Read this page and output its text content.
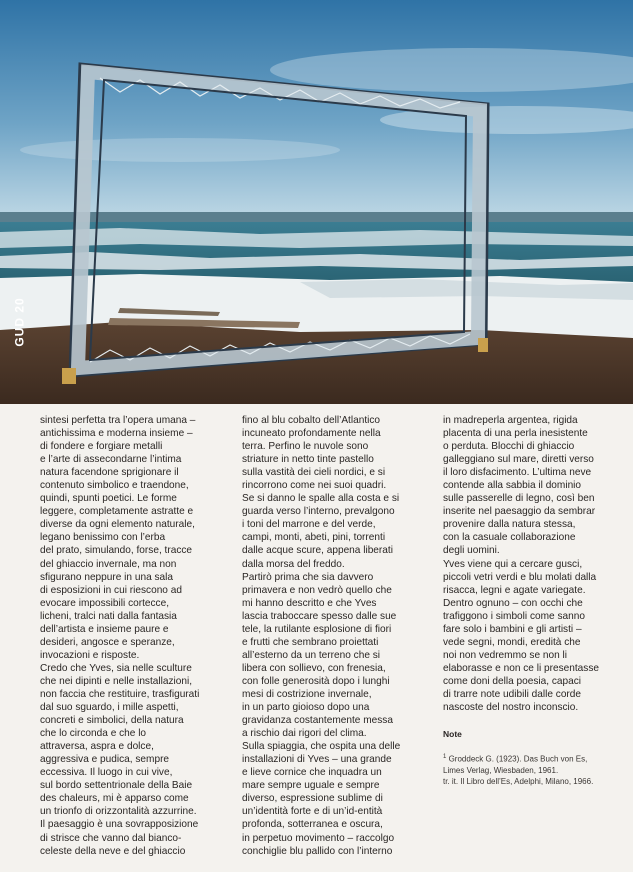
GUD 20

sintesi perfetta tra l’opera umana –

antichissima e moderna insieme –

di fondere e forgiare metalli

e l’arte di assecondarne l’intima

natura facendone sprigionare il

contenuto simbolico e traendone,

quindi, spunti poetici. Le forme

leggere, completamente astratte e

diverse da ogni elemento naturale,

legano benissimo con l’erba

del prato, simulando, forse, tracce

del ghiaccio invernale, ma non

sfigurano neppure in una sala

di esposizioni in cui riescono ad

evocare impossibili cortecce,

licheni, tralci nati dalla fantasia

dell’artista e insieme paure e

desideri, angosce e speranze,

invocazioni e risposte.

Credo che Yves, sia nelle sculture

che nei dipinti e nelle installazioni,

non faccia che restituire, trasfigurati

dal suo sguardo, i mille aspetti,

concreti e simbolici, della natura

che lo circonda e che lo

attraversa, aspra e dolce,

aggressiva e pudica, sempre

eccessiva. Il luogo in cui vive,

sul bordo settentrionale della Baie

des chaleurs, mi è apparso come

un trionfo di orizzontalità azzurrine.

Il paesaggio è una sovrapposizione

di strisce che vanno dal bianco-

celeste della neve e del ghiaccio

fino al blu cobalto dell’Atlantico

incuneato profondamente nella

terra. Perfino le nuvole sono

striature in netto tinte pastello

sulla vastità dei cieli nordici, e si

rincorrono come nei suoi quadri.

Se si danno le spalle alla costa e si

guarda verso l’interno, prevalgono

i toni del marrone e del verde,

campi, monti, abeti, pini, torrenti

dalle acque scure, appena liberati

dalla morsa del freddo.

Partirò prima che sia davvero

primavera e non vedrò quello che

mi hanno descritto e che Yves

lascia traboccare spesso dalle sue

tele, la rutilante esplosione di fiori

e frutti che sembrano proiettati

all’esterno da un terreno che si

libera con sollievo, con frenesia,

con folle generosità dopo i lunghi

mesi di costrizione invernale,

in un parto gioioso dopo una

gravidanza costantemente messa

a rischio dai rigori del clima.

Sulla spiaggia, che ospita una delle

installazioni di Yves – una grande

e lieve cornice che inquadra un

mare sempre uguale e sempre

diverso, espressione sublime di

un’identità forte e di un’id-entità

profonda, sotterranea e oscura,

in perpetuo movimento – raccolgo

conchiglie blu pallido con l’interno

in madreperla argentea, rigida

placenta di una perla inesistente

o perduta. Blocchi di ghiaccio

galleggiano sul mare, diretti verso

il loro disfacimento. L’ultima neve

contende alla sabbia il dominio

sulle passerelle di legno, così ben

inserite nel paesaggio da sembrar

provenire dalla natura stessa,

con la casuale collaborazione

degli uomini.

Yves viene qui a cercare gusci,

piccoli vetri verdi e blu molati dalla

risacca, legni e agate variegate.

Dentro ognuno – con occhi che

trafiggono i simboli come sanno

fare solo i bambini e gli artisti –

vede segni, mondi, eredità che

noi non vedremmo se non li

elaborasse e non ce li presentasse

come doni della poesia, capaci

di trarre note udibili dalle corde

nascoste del nostro inconscio.

Note

$^1$ Groddeck G. (1923). Das Buch von Es,

Limes Verlag, Wiesbaden, 1961.

tr. it. Il Libro dell’Es, Adelphi, Milano, 1966.
